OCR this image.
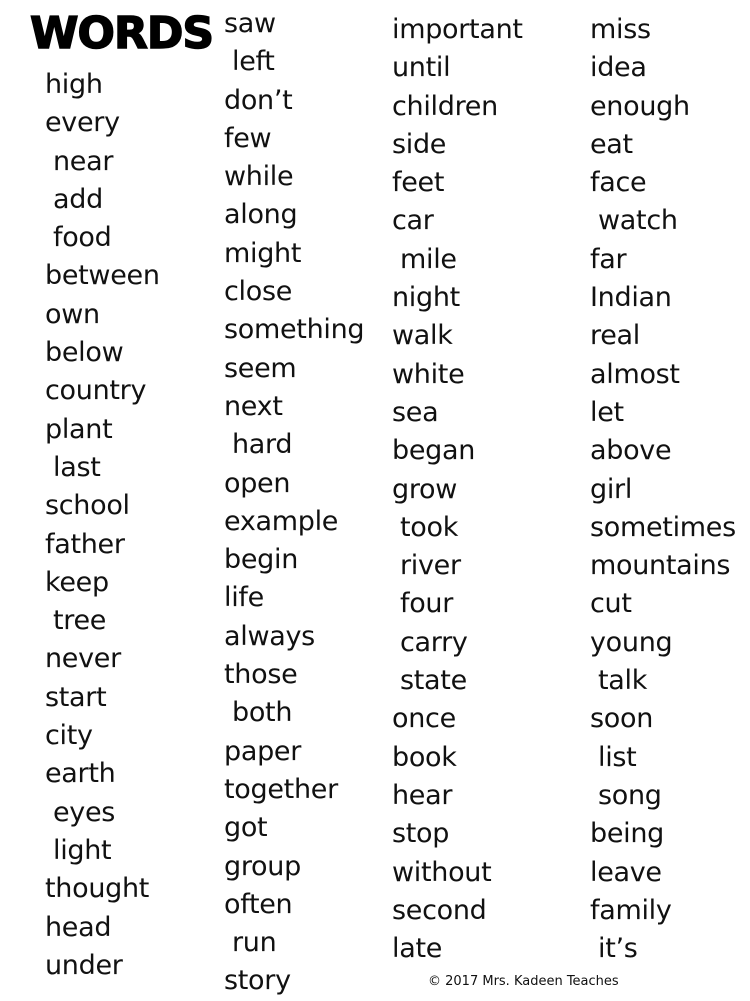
WORDS
high
every
near
add
food
between
own
below
country
plant
last
school
father
keep
tree
never
start
city
earth
eyes
light
thought
head
under
saw
left
don’t
few
while
along
might
close
something
seem
next
hard
open
example
begin
life
always
those
both
paper
together
got
group
often
run
story
important
until
children
side
feet
car
mile
night
walk
white
sea
began
grow
took
river
four
carry
state
once
book
hear
stop
without
second
late
miss
idea
enough
eat
face
watch
far
Indian
real
almost
let
above
girl
sometimes
mountains
cut
young
talk
soon
list
song
being
leave
family
it’s
© 2017 Mrs. Kadeen Teaches
